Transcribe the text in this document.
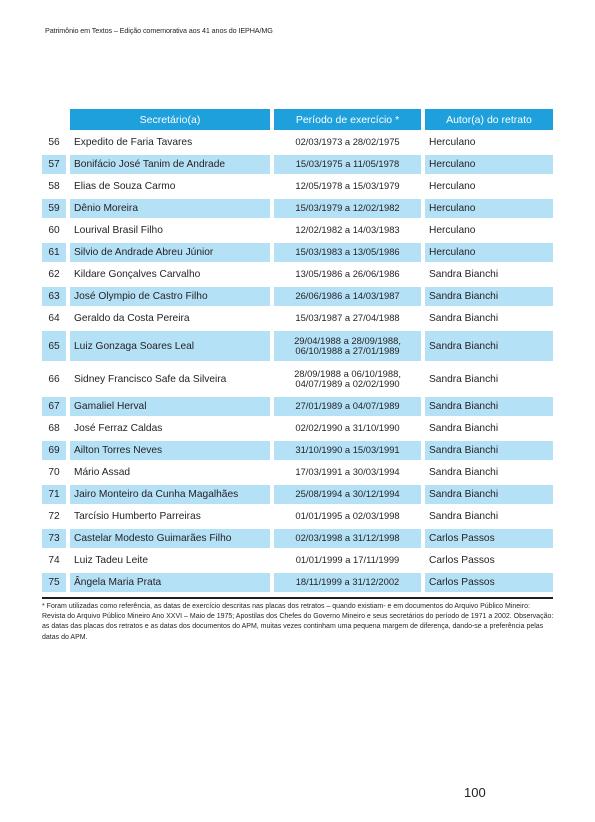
Patrimônio em Textos – Edição comemorativa aos 41 anos do IEPHA/MG
	Secretário(a)	Período de exercício *	Autor(a) do retrato
56	Expedito de Faria Tavares	02/03/1973 a 28/02/1975	Herculano
57	Bonifácio José Tanim de Andrade	15/03/1975 a 11/05/1978	Herculano
58	Elias de Souza Carmo	12/05/1978 a 15/03/1979	Herculano
59	Dênio Moreira	15/03/1979 a 12/02/1982	Herculano
60	Lourival Brasil Filho	12/02/1982 a 14/03/1983	Herculano
61	Silvio de Andrade Abreu Júnior	15/03/1983 a 13/05/1986	Herculano
62	Kildare Gonçalves Carvalho	13/05/1986 a 26/06/1986	Sandra Bianchi
63	José Olympio de Castro Filho	26/06/1986 a 14/03/1987	Sandra Bianchi
64	Geraldo da Costa Pereira	15/03/1987 a 27/04/1988	Sandra Bianchi
65	Luiz Gonzaga Soares Leal	29/04/1988 a 28/09/1988,
06/10/1988 a 27/01/1989	Sandra Bianchi
66	Sidney Francisco Safe da Silveira	28/09/1988 a 06/10/1988,
04/07/1989 a 02/02/1990	Sandra Bianchi
67	Gamaliel Herval	27/01/1989 a 04/07/1989	Sandra Bianchi
68	José Ferraz Caldas	02/02/1990 a 31/10/1990	Sandra Bianchi
69	Ailton Torres Neves	31/10/1990 a 15/03/1991	Sandra Bianchi
70	Mário Assad	17/03/1991 a 30/03/1994	Sandra Bianchi
71	Jairo Monteiro da Cunha Magalhães	25/08/1994 a 30/12/1994	Sandra Bianchi
72	Tarcísio Humberto Parreiras	01/01/1995 a 02/03/1998	Sandra Bianchi
73	Castelar Modesto Guimarães Filho	02/03/1998 a 31/12/1998	Carlos Passos
74	Luiz Tadeu Leite	01/01/1999 a 17/11/1999	Carlos Passos
75	Ângela Maria Prata	18/11/1999 a 31/12/2002	Carlos Passos
* Foram utilizadas como referência, as datas de exercício descritas nas placas dos retratos – quando existiam- e em documentos do Arquivo Público Mineiro: Revista do Arquivo Público Mineiro Ano XXVI – Maio de 1975; Apostilas dos Chefes do Governo Mineiro e seus secretários do período de 1971 a 2002. Observação: as datas das placas dos retratos e as datas dos documentos do APM, muitas vezes continham uma pequena margem de diferença, dando-se a preferência pelas datas do APM.
100
